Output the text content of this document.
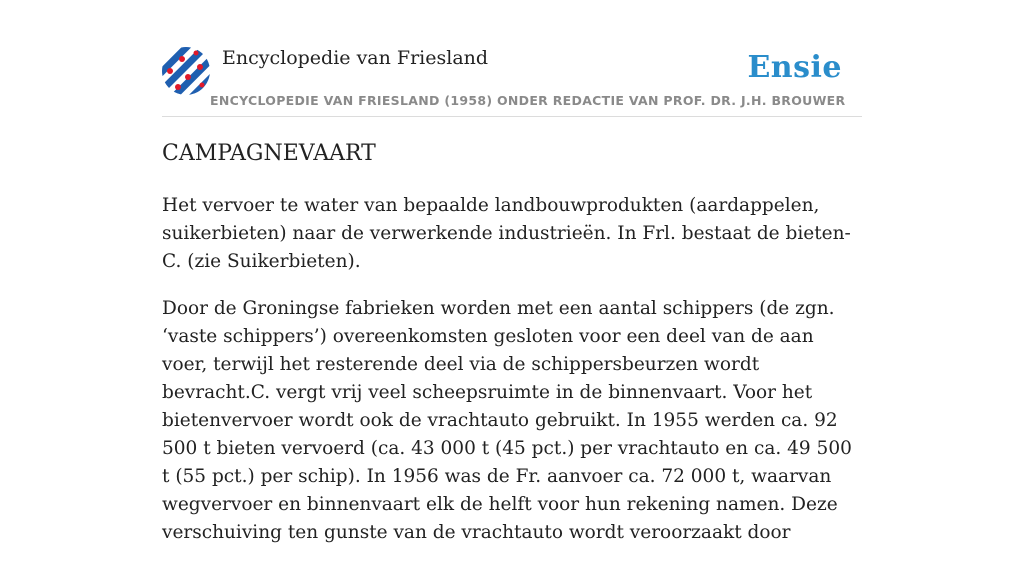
Encyclopedie van Friesland	Ensie
ENCYCLOPEDIE VAN FRIESLAND (1958) ONDER REDACTIE VAN PROF. DR. J.H. BROUWER
CAMPAGNEVAART

Het vervoer te water van bepaalde landbouwprodukten (aardappelen, suikerbieten) naar de verwerkende industrieën. In Frl. bestaat de bieten-C. (zie Suikerbieten).

Door de Groningse fabrieken worden met een aantal schippers (de zgn. ‘vaste schippers’) overeenkomsten gesloten voor een deel van de aan voer, terwijl het resterende deel via de schippersbeurzen wordt bevracht.C. vergt vrij veel scheepsruimte in de binnenvaart. Voor het bietenvervoer wordt ook de vrachtauto gebruikt. In 1955 werden ca. 92 500 t bieten vervoerd (ca. 43 000 t (45 pct.) per vrachtauto en ca. 49 500 t (55 pct.) per schip). In 1956 was de Fr. aanvoer ca. 72 000 t, waarvan wegvervoer en binnenvaart elk de helft voor hun rekening namen. Deze verschuiving ten gunste van de vrachtauto wordt veroorzaakt door
